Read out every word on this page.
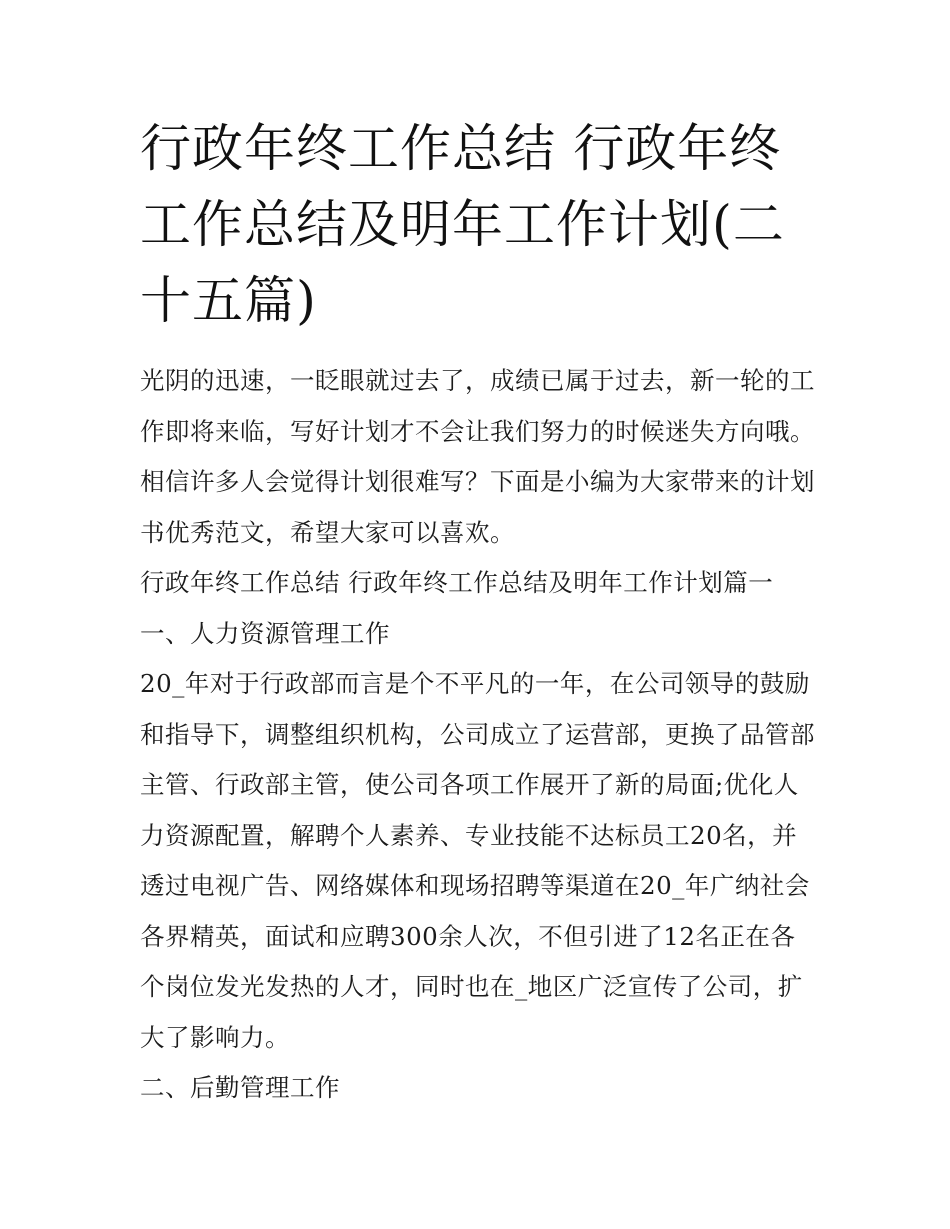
行政年终工作总结 行政年终工作总结及明年工作计划(二十五篇)

光阴的迅速，一眨眼就过去了，成绩已属于过去，新一轮的工作即将来临，写好计划才不会让我们努力的时候迷失方向哦。相信许多人会觉得计划很难写？下面是小编为大家带来的计划书优秀范文，希望大家可以喜欢。

行政年终工作总结 行政年终工作总结及明年工作计划篇一

一、人力资源管理工作

20_年对于行政部而言是个不平凡的一年，在公司领导的鼓励和指导下，调整组织机构，公司成立了运营部，更换了品管部主管、行政部主管，使公司各项工作展开了新的局面;优化人力资源配置，解聘个人素养、专业技能不达标员工20名，并透过电视广告、网络媒体和现场招聘等渠道在20_年广纳社会各界精英，面试和应聘300余人次，不但引进了12名正在各个岗位发光发热的人才，同时也在_地区广泛宣传了公司，扩大了影响力。

二、后勤管理工作
